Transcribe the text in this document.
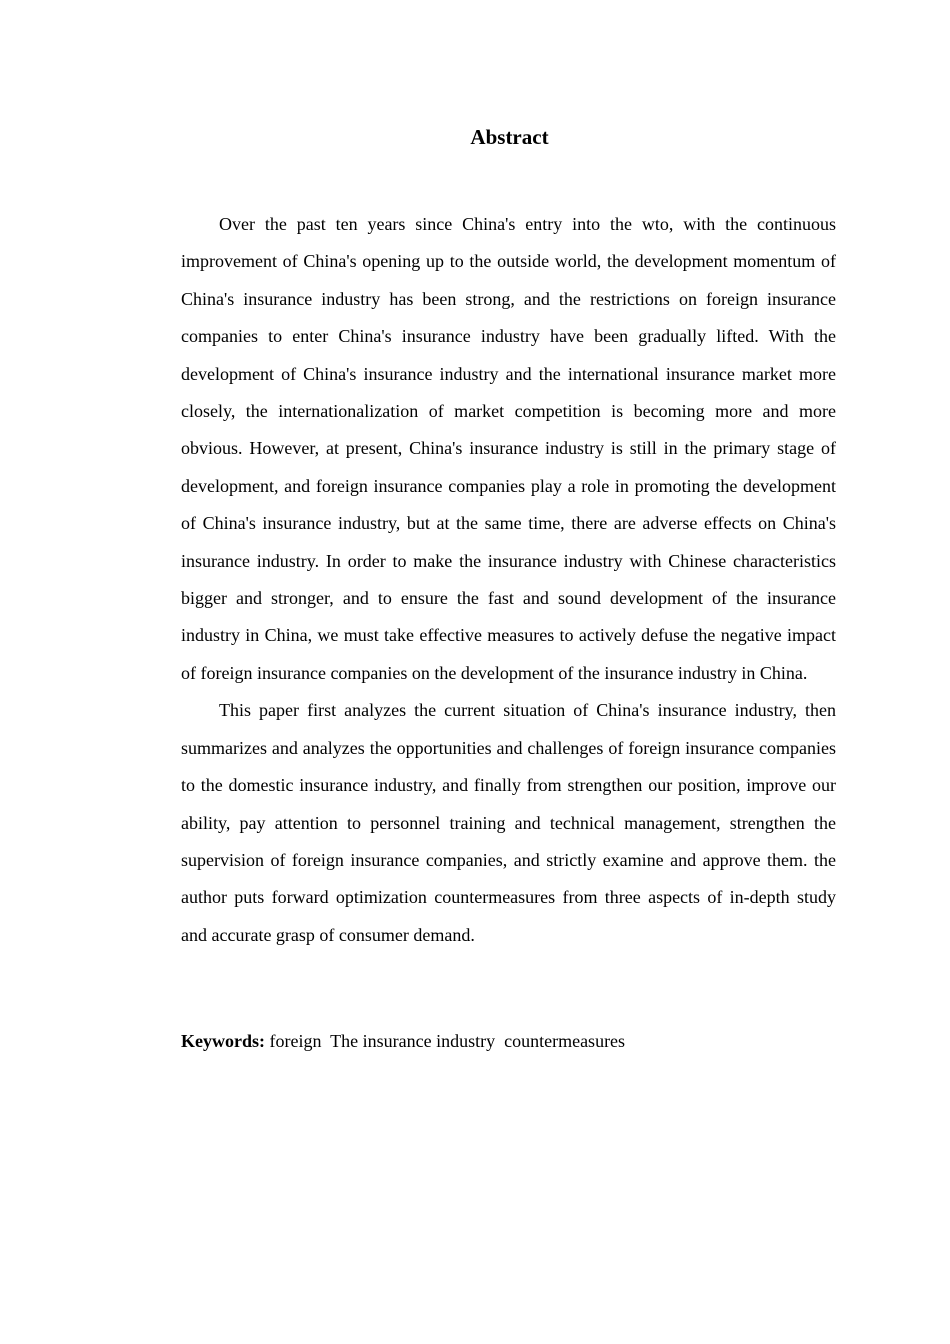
Abstract

Over the past ten years since China's entry into the wto, with the continuous improvement of China's opening up to the outside world, the development momentum of China's insurance industry has been strong, and the restrictions on foreign insurance companies to enter China's insurance industry have been gradually lifted. With the development of China's insurance industry and the international insurance market more closely, the internationalization of market competition is becoming more and more obvious. However, at present, China's insurance industry is still in the primary stage of development, and foreign insurance companies play a role in promoting the development of China's insurance industry, but at the same time, there are adverse effects on China's insurance industry. In order to make the insurance industry with Chinese characteristics bigger and stronger, and to ensure the fast and sound development of the insurance industry in China, we must take effective measures to actively defuse the negative impact of foreign insurance companies on the development of the insurance industry in China.

This paper first analyzes the current situation of China's insurance industry, then summarizes and analyzes the opportunities and challenges of foreign insurance companies to the domestic insurance industry, and finally from strengthen our position, improve our ability, pay attention to personnel training and technical management, strengthen the supervision of foreign insurance companies, and strictly examine and approve them. the author puts forward optimization countermeasures from three aspects of in-depth study and accurate grasp of consumer demand.

Keywords: foreign  The insurance industry  countermeasures
